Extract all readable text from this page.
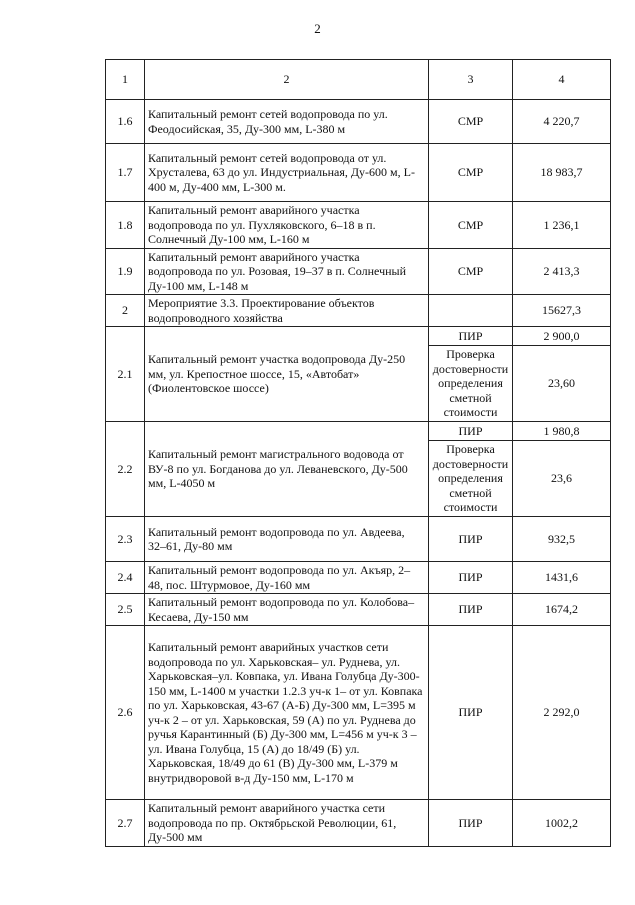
2
1	2	3	4
1.6	Капитальный ремонт сетей водопровода по ул. Феодосийская, 35, Ду-300 мм, L-380 м	СМР	4 220,7
1.7	Капитальный ремонт сетей водопровода от ул. Хрусталева, 63 до ул. Индустриальная, Ду-600 м, L-400 м, Ду-400 мм, L-300 м.	СМР	18 983,7
1.8	Капитальный ремонт аварийного участка водопровода по ул. Пухляковского, 6–18 в п. Солнечный Ду-100 мм, L-160 м	СМР	1 236,1
1.9	Капитальный ремонт аварийного участка водопровода по ул. Розовая, 19–37 в п. Солнечный Ду-100 мм, L-148 м	СМР	2 413,3
2	Мероприятие 3.3. Проектирование объектов водопроводного хозяйства		15627,3
2.1	Капитальный ремонт участка водопровода Ду-250 мм, ул. Крепостное шоссе, 15, «Автобат» (Фиолентовское шоссе)	ПИР	2 900,0
		Проверка достоверности определения сметной стоимости	23,60
2.2	Капитальный ремонт магистрального водовода от ВУ-8 по ул. Богданова до ул. Леваневского, Ду-500 мм, L-4050 м	ПИР	1 980,8
		Проверка достоверности определения сметной стоимости	23,6
2.3	Капитальный ремонт водопровода по ул. Авдеева, 32–61, Ду-80 мм	ПИР	932,5
2.4	Капитальный ремонт водопровода по ул. Акъяр, 2–48, пос. Штурмовое, Ду-160 мм	ПИР	1431,6
2.5	Капитальный ремонт водопровода по ул. Колобова–Кесаева, Ду-150 мм	ПИР	1674,2
2.6	Капитальный ремонт аварийных участков сети водопровода по ул. Харьковская– ул. Руднева, ул. Харьковская–ул. Ковпака, ул. Ивана Голубца Ду-300-150 мм, L-1400 м участки 1.2.3 уч-к 1– от ул. Ковпака по ул. Харьковская, 43-67 (А-Б) Ду-300 мм, L=395 м уч-к 2 – от ул. Харьковская, 59 (А) по ул. Руднева до ручья Карантинный (Б) Ду-300 мм, L=456 м уч-к 3 – ул. Ивана Голубца, 15 (А) до 18/49 (Б) ул. Харьковская, 18/49 до 61 (В) Ду-300 мм, L-379 м внутридворовой в-д Ду-150 мм, L-170 м	ПИР	2 292,0
2.7	Капитальный ремонт аварийного участка сети водопровода по пр. Октябрьской Революции, 61, Ду-500 мм	ПИР	1002,2
